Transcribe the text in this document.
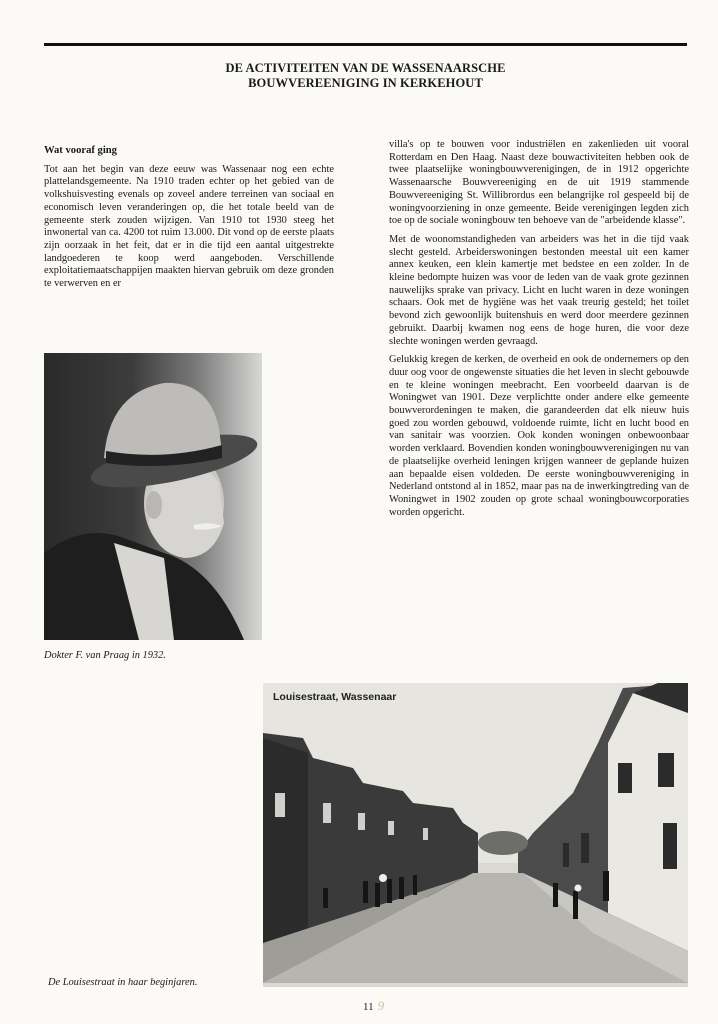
DE ACTIVITEITEN VAN DE WASSENAARSCHE
BOUWVEREENIGING IN KERKEHOUT

Wat vooraf ging

Tot aan het begin van deze eeuw was Wassenaar nog een echte plattelandsgemeente. Na 1910 traden echter op het gebied van de volkshuisvesting evenals op zoveel andere terreinen van sociaal en economisch leven veranderingen op, die het totale beeld van de gemeente sterk zouden wijzigen. Van 1910 tot 1930 steeg het inwonertal van ca. 4200 tot ruim 13.000. Dit vond op de eerste plaats zijn oorzaak in het feit, dat er in die tijd een aantal uitgestrekte landgoederen te koop werd aangeboden. Verschillende exploitatiemaatschappijen maakten hiervan gebruik om deze gronden te verwerven en er

villa's op te bouwen voor industriëlen en zakenlieden uit vooral Rotterdam en Den Haag. Naast deze bouwactiviteiten hebben ook de twee plaatselijke woningbouwverenigingen, de in 1912 opgerichte Wassenaarsche Bouwvereeniging en de uit 1919 stammende Bouwvereeniging St. Willibrordus een belangrijke rol gespeeld bij de woningvoorziening in onze gemeente. Beide verenigingen legden zich toe op de sociale woningbouw ten behoeve van de "arbeidende klasse".

Met de woonomstandigheden van arbeiders was het in die tijd vaak slecht gesteld. Arbeiderswoningen bestonden meestal uit een kamer annex keuken, een klein kamertje met bedstee en een zolder. In de kleine bedompte huizen was voor de leden van de vaak grote gezinnen nauwelijks sprake van privacy. Licht en lucht waren in deze woningen schaars. Ook met de hygiëne was het vaak treurig gesteld; het toilet bevond zich gewoonlijk buitenshuis en werd door meerdere gezinnen gebruikt. Daarbij kwamen nog eens de hoge huren, die voor deze slechte woningen werden gevraagd.

Gelukkig kregen de kerken, de overheid en ook de ondernemers op den duur oog voor de ongewenste situaties die het leven in slecht gebouwde en te kleine woningen meebracht. Een voorbeeld daarvan is de Woningwet van 1901. Deze verplichtte onder andere elke gemeente bouwverordeningen te maken, die garandeerden dat elk nieuw huis goed zou worden gebouwd, voldoende ruimte, licht en lucht bood en van sanitair was voorzien. Ook konden woningen onbewoonbaar worden verklaard. Bovendien konden woningbouwverenigingen nu van de plaatselijke overheid leningen krijgen wanneer de geplande huizen aan bepaalde eisen voldeden. De eerste woningbouwvereniging in Nederland ontstond al in 1852, maar pas na de inwerkingtreding van de Woningwet in 1902 zouden op grote schaal woningbouwcorporaties worden opgericht.

Dokter F. van Praag in 1932.
Louisestraat, Wassenaar
De Louisestraat in haar beginjaren.
11 9
